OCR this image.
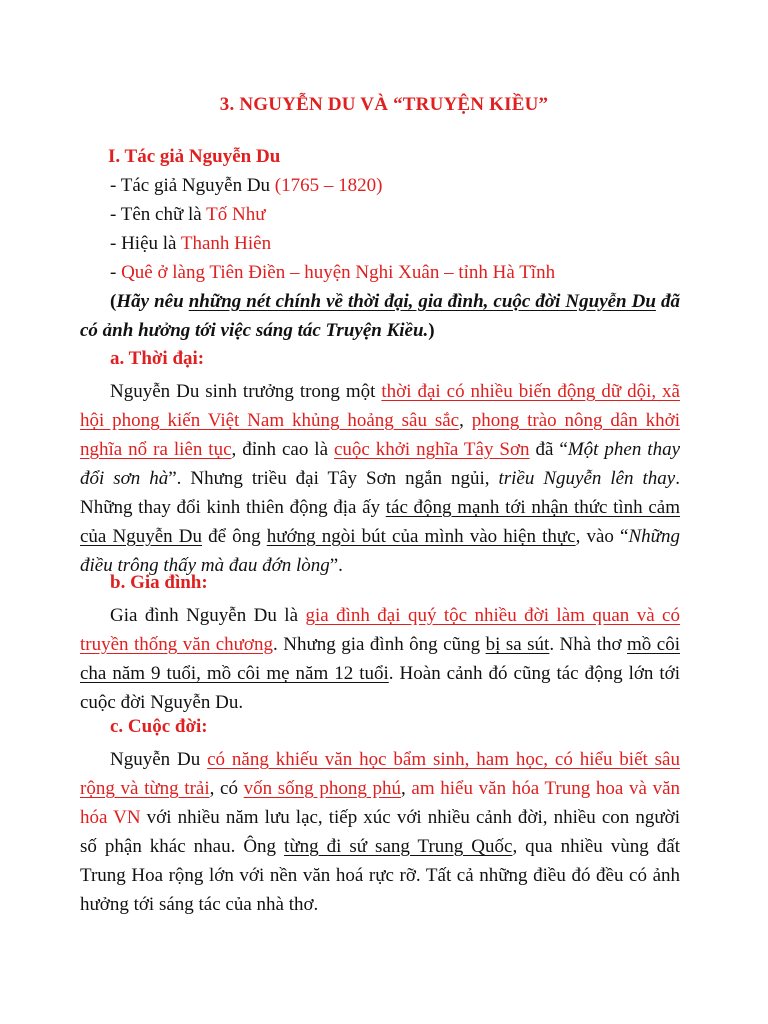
3. NGUYỄN DU VÀ “TRUYỆN KIỀU”
I. Tác giả Nguyễn Du
- Tác giả Nguyễn Du (1765 – 1820)
- Tên chữ là Tố Như
- Hiệu là Thanh Hiên
- Quê ở làng Tiên Điền – huyện Nghi Xuân – tỉnh Hà Tĩnh
(Hãy nêu những nét chính về thời đại, gia đình, cuộc đời Nguyễn Du đã có ảnh hưởng tới việc sáng tác Truyện Kiều.)
a. Thời đại:
Nguyễn Du sinh trưởng trong một thời đại có nhiều biến động dữ dội, xã hội phong kiến Việt Nam khủng hoảng sâu sắc, phong trào nông dân khởi nghĩa nổ ra liên tục, đỉnh cao là cuộc khởi nghĩa Tây Sơn đã “Một phen thay đổi sơn hà”. Nhưng triều đại Tây Sơn ngắn ngủi, triều Nguyễn lên thay. Những thay đổi kinh thiên động địa ấy tác động mạnh tới nhận thức tình cảm của Nguyễn Du để ông hướng ngòi bút của mình vào hiện thực, vào “Những điều trông thấy mà đau đớn lòng”.
b. Gia đình:
Gia đình Nguyễn Du là gia đình đại quý tộc nhiều đời làm quan và có truyền thống văn chương. Nhưng gia đình ông cũng bị sa sút. Nhà thơ mồ côi cha năm 9 tuổi, mồ côi mẹ năm 12 tuổi. Hoàn cảnh đó cũng tác động lớn tới cuộc đời Nguyễn Du.
c. Cuộc đời:
Nguyễn Du có năng khiếu văn học bẩm sinh, ham học, có hiểu biết sâu rộng và từng trải, có vốn sống phong phú, am hiểu văn hóa Trung hoa và văn hóa VN với nhiều năm lưu lạc, tiếp xúc với nhiều cảnh đời, nhiều con người số phận khác nhau. Ông từng đi sứ sang Trung Quốc, qua nhiều vùng đất Trung Hoa rộng lớn với nền văn hoá rực rỡ. Tất cả những điều đó đều có ảnh hưởng tới sáng tác của nhà thơ.
